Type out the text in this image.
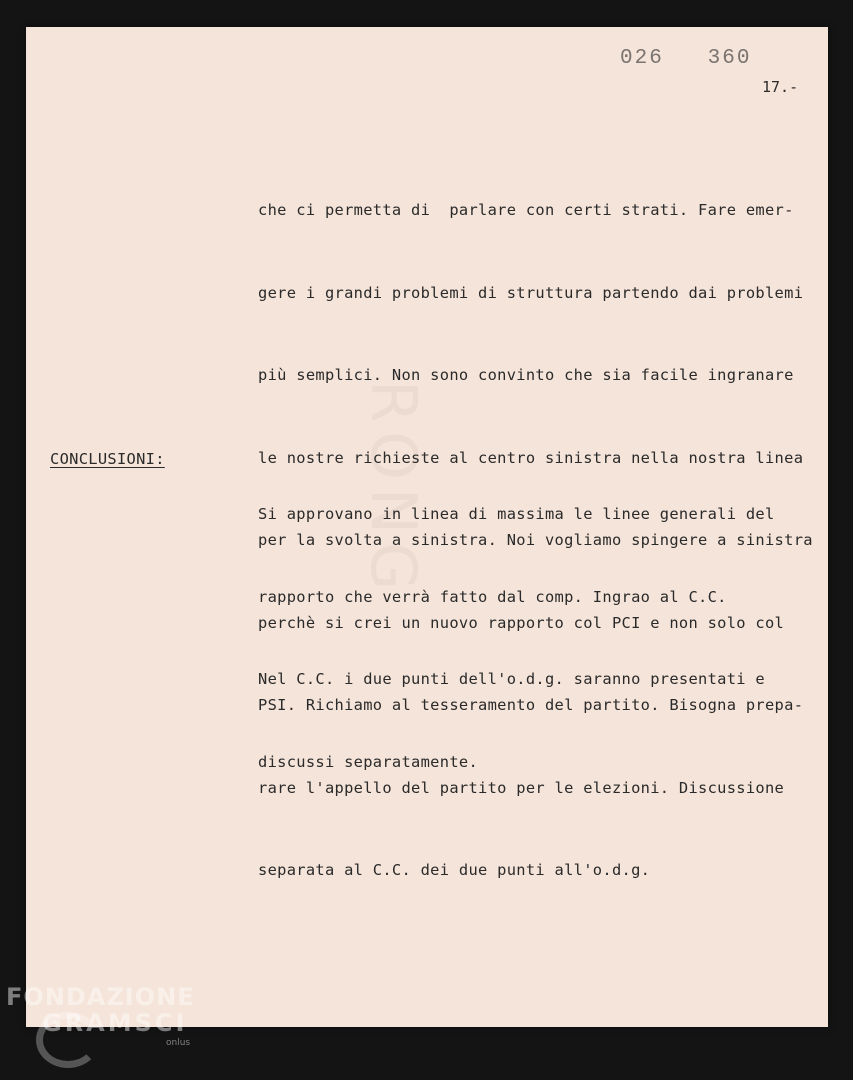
RONG
026   360
17.-

che ci permetta di  parlare con certi strati. Fare emer-

gere i grandi problemi di struttura partendo dai problemi

più semplici. Non sono convinto che sia facile ingranare

le nostre richieste al centro sinistra nella nostra linea

per la svolta a sinistra. Noi vogliamo spingere a sinistra

perchè si crei un nuovo rapporto col PCI e non solo col

PSI. Richiamo al tesseramento del partito. Bisogna prepa-

rare l'appello del partito per le elezioni. Discussione

separata al C.C. dei due punti all'o.d.g.

CONCLUSIONI:

Si approvano in linea di massima le linee generali del

rapporto che verrà fatto dal comp. Ingrao al C.C.

Nel C.C. i due punti dell'o.d.g. saranno presentati e

discussi separatamente.

FONDAZIONE
GRAMSCI
onlus
